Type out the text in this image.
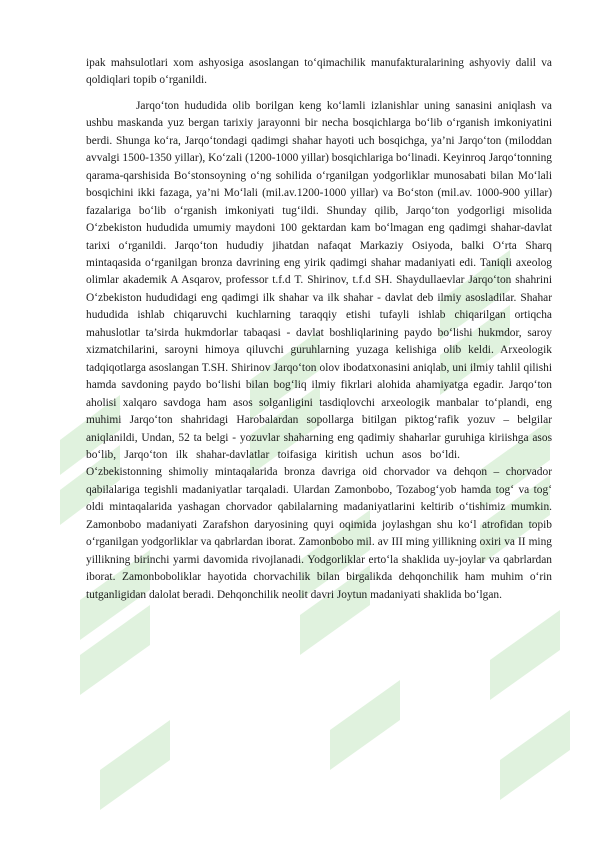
ipak mahsulotlari xom ashyosiga asoslangan to‘qimachilik manufakturalarining ashyoviy dalil va qoldiqlari topib o‘rganildi.

Jarqo‘ton hududida olib borilgan keng ko‘lamli izlanishlar uning sanasini aniqlash va ushbu maskanda yuz bergan tarixiy jarayonni bir necha bosqichlarga bo‘lib o‘rganish imkoniyatini berdi. Shunga ko‘ra, Jarqo‘tondagi qadimgi shahar hayoti uch bosqichga, ya’ni Jarqo‘ton (miloddan avvalgi 1500-1350 yillar), Ko‘zali (1200-1000 yillar) bosqichlariga bo‘linadi. Keyinroq Jarqo‘tonning qarama-qarshisida Bo‘stonsoyning o‘ng sohilida o‘rganilgan yodgorliklar munosabati bilan Mo‘lali bosqichini ikki fazaga, ya’ni Mo‘lali (mil.av.1200-1000 yillar) va Bo‘ston (mil.av. 1000-900 yillar) fazalariga bo‘lib o‘rganish imkoniyati tug‘ildi. Shunday qilib, Jarqo‘ton yodgorligi misolida O‘zbekiston hududida umumiy maydoni 100 gektardan kam bo‘lmagan eng qadimgi shahar-davlat tarixi o‘rganildi. Jarqo‘ton hududiy jihatdan nafaqat Markaziy Osiyoda, balki O‘rta Sharq mintaqasida o‘rganilgan bronza davrining eng yirik qadimgi shahar madaniyati edi. Taniqli axeolog olimlar akademik A Asqarov, professor t.f.d T. Shirinov, t.f.d SH. Shaydullaevlar Jarqo‘ton shahrini O‘zbekiston hududidagi eng qadimgi ilk shahar va ilk shahar - davlat deb ilmiy asosladilar. Shahar hududida ishlab chiqaruvchi kuchlarning taraqqiy etishi tufayli ishlab chiqarilgan ortiqcha mahuslotlar ta’sirda hukmdorlar tabaqasi - davlat boshliqlarining paydo bo‘lishi hukmdor, saroy xizmatchilarini, saroyni himoya qiluvchi guruhlarning yuzaga kelishiga olib keldi. Arxeologik tadqiqotlarga asoslangan T.SH. Shirinov Jarqo‘ton olov ibodatxonasini aniqlab, uni ilmiy tahlil qilishi hamda savdoning paydo bo‘lishi bilan bog‘liq ilmiy fikrlari alohida ahamiyatga egadir. Jarqo‘ton aholisi xalqaro savdoga ham asos solganligini tasdiqlovchi arxeologik manbalar to‘plandi, eng muhimi Jarqo‘ton shahridagi Harobalardan sopollarga bitilgan piktog‘rafik yozuv – belgilar aniqlanildi, Undan, 52 ta belgi - yozuvlar shaharning eng qadimiy shaharlar guruhiga kiriishga asos bo‘lib, Jarqo‘ton ilk shahar-davlatlar toifasiga kiritish uchun asos bo‘ldi.O‘zbekistonning shimoliy mintaqalarida bronza davriga oid chorvador va dehqon – chorvador qabilalariga tegishli madaniyatlar tarqaladi. Ulardan Zamonbobo, Tozabog‘yob hamda tog‘ va tog‘ oldi mintaqalarida yashagan chorvador qabilalarning madaniyatlarini keltirib o‘tishimiz mumkin. Zamonbobo madaniyati Zarafshon daryosining quyi oqimida joylashgan shu ko‘l atrofidan topib o‘rganilgan yodgorliklar va qabrlardan iborat. Zamonbobo mil. av III ming yillikning oxiri va II ming yillikning birinchi yarmi davomida rivojlanadi. Yodgorliklar erto‘la shaklida uy-joylar va qabrlardan iborat. Zamonboboliklar hayotida chorvachilik bilan birgalikda dehqonchilik ham muhim o‘rin tutganligidan dalolat beradi. Dehqonchilik neolit davri Joytun madaniyati shaklida bo‘lgan.
